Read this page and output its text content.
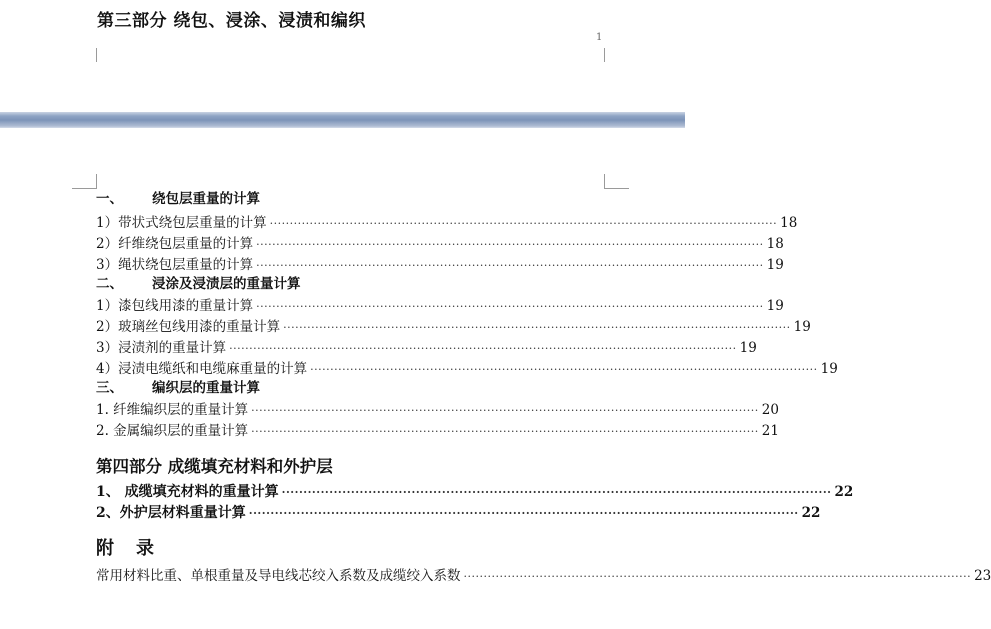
第三部分 绕包、浸涂、浸渍和编织
1
一、 绕包层重量的计算
1）带状式绕包层重量的计算 ······························································································································· 18
2）纤维绕包层重量的计算 ······························································································································· 18
3）绳状绕包层重量的计算 ······························································································································· 19
二、 浸涂及浸渍层的重量计算
1）漆包线用漆的重量计算 ······························································································································· 19
2）玻璃丝包线用漆的重量计算 ······························································································································· 19
3）浸渍剂的重量计算 ······························································································································· 19
4）浸渍电缆纸和电缆麻重量的计算 ······························································································································· 19
三、 编织层的重量计算
1. 纤维编织层的重量计算 ······························································································································· 20
2. 金属编织层的重量计算 ······························································································································· 21
第四部分 成缆填充材料和外护层
1、 成缆填充材料的重量计算 ······························································································································· 22
2、外护层材料重量计算 ······························································································································· 22
附录
常用材料比重、单根重量及导电线芯绞入系数及成缆绞入系数 ······························································································································· 23
